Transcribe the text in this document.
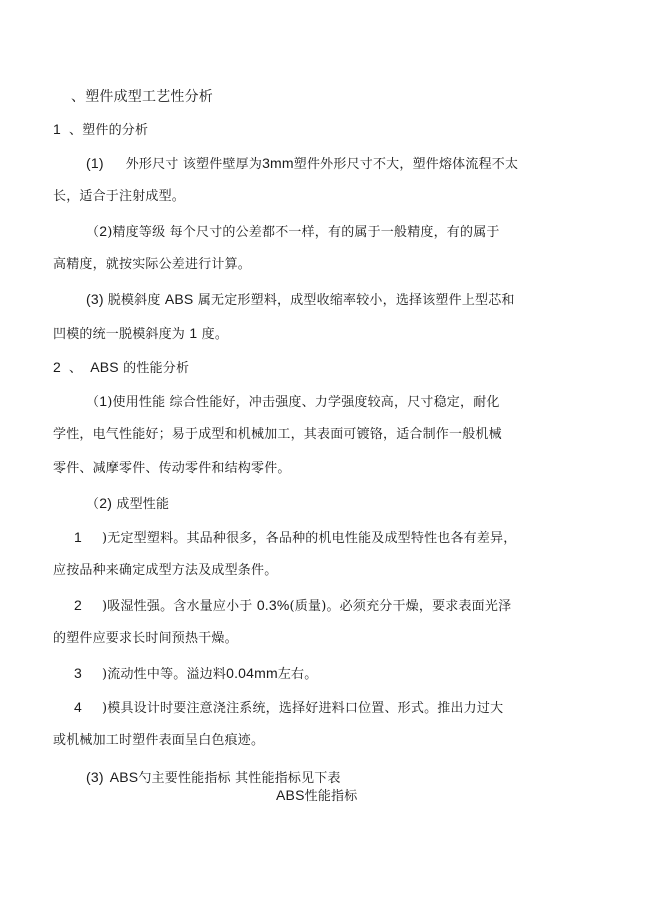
、塑件成型工艺性分析
1 、塑件的分析
(1) 外形尺寸 该塑件壁厚为3mm塑件外形尺寸不大，塑件熔体流程不太
长，适合于注射成型。
（2)精度等级 每个尺寸的公差都不一样，有的属于一般精度，有的属于
高精度，就按实际公差进行计算。
(3) 脱模斜度 ABS 属无定形塑料，成型收缩率较小，选择该塑件上型芯和
凹模的统一脱模斜度为 1 度。
2 、 ABS 的性能分析
（1)使用性能 综合性能好，冲击强度、力学强度较高，尺寸稳定，耐化
学性，电气性能好；易于成型和机械加工，其表面可镀铬，适合制作一般机械
零件、减摩零件、传动零件和结构零件。
（2) 成型性能
1 )无定型塑料。其品种很多，各品种的机电性能及成型特性也各有差异，
应按品种来确定成型方法及成型条件。
2 )吸湿性强。含水量应小于 0.3%(质量)。必须充分干燥，要求表面光泽
的塑件应要求长时间预热干燥。
3 )流动性中等。溢边料0.04mm左右。
4 )模具设计时要注意浇注系统，选择好进料口位置、形式。推出力过大
或机械加工时塑件表面呈白色痕迹。
(3) ABS勺主要性能指标 其性能指标见下表
ABS性能指标
